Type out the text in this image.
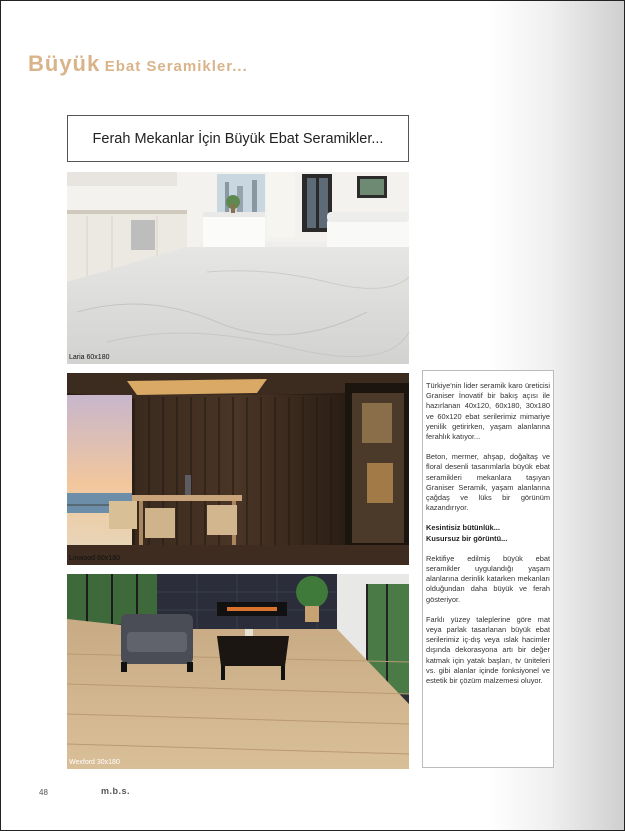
Büyük Ebat Seramikler...
Ferah Mekanlar İçin Büyük Ebat Seramikler...
Laria 60x180
Linwood 60x180
Wexford 30x180

Türkiye'nin lider seramik karo üreticisi Graniser İnovatif bir bakış açısı ile hazırlanan 40x120, 60x180, 30x180 ve 60x120 ebat serilerimiz mimariye yenilik getirirken, yaşam alanlarına ferahlık katıyor...

Beton, mermer, ahşap, doğaltaş ve floral desenli tasarımlarla büyük ebat seramikleri mekanlara taşıyan Graniser Seramik, yaşam alanlarına çağdaş ve lüks bir görünüm kazandırıyor.

Kesintisiz bütünlük...
Kusursuz bir görüntü...

Rektifiye edilmiş büyük ebat seramikler uygulandığı yaşam alanlarına derinlik katarken mekanları olduğundan daha büyük ve ferah gösteriyor.

Farklı yüzey taleplerine göre mat veya parlak tasarlanan büyük ebat serilerimiz iç-dış veya ıslak hacimler dışında dekorasyona artı bir değer katmak için yatak başları, tv üniteleri vs. gibi alanlar içinde fonksiyonel ve estetik bir çözüm malzemesi oluyor.

48	m.b.s.
